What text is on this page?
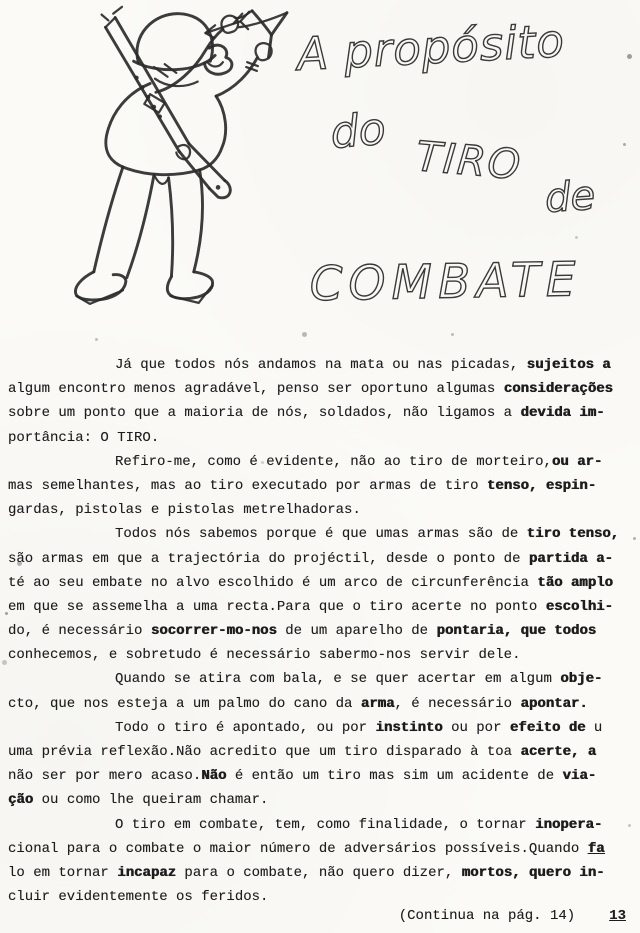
A propósito
do
TIRO
de
COMBATE
Já que todos nós andamos na mata ou nas picadas, sujeitos a
algum encontro menos agradável, penso ser oportuno algumas considerações
sobre um ponto que a maioria de nós, soldados, não ligamos a devida im-
portância: O TIRO.
Refiro-me, como é evidente, não ao tiro de morteiro,ou ar-
mas semelhantes, mas ao tiro executado por armas de tiro tenso, espin-
gardas, pistolas e pistolas metrelhadoras.
Todos nós sabemos porque é que umas armas são de tiro tenso,
são armas em que a trajectória do projéctil, desde o ponto de partida a-
té ao seu embate no alvo escolhido é um arco de circunferência tão amplo
em que se assemelha a uma recta.Para que o tiro acerte no ponto escolhi-
do, é necessário socorrer-mo-nos de um aparelho de pontaria, que todos
conhecemos, e sobretudo é necessário sabermo-nos servir dele.
Quando se atira com bala, e se quer acertar em algum obje-
cto, que nos esteja a um palmo do cano da arma, é necessário apontar.
Todo o tiro é apontado, ou por instinto ou por efeito de u
uma prévia reflexão.Não acredito que um tiro disparado à toa acerte, a
não ser por mero acaso.Não é então um tiro mas sim um acidente de via-
ção ou como lhe queiram chamar.
O tiro em combate, tem, como finalidade, o tornar inopera-
cional para o combate o maior número de adversários possíveis.Quando fa
lo em tornar incapaz para o combate, não quero dizer, mortos, quero in-
cluir evidentemente os feridos.
(Continua na pág. 14)	13
